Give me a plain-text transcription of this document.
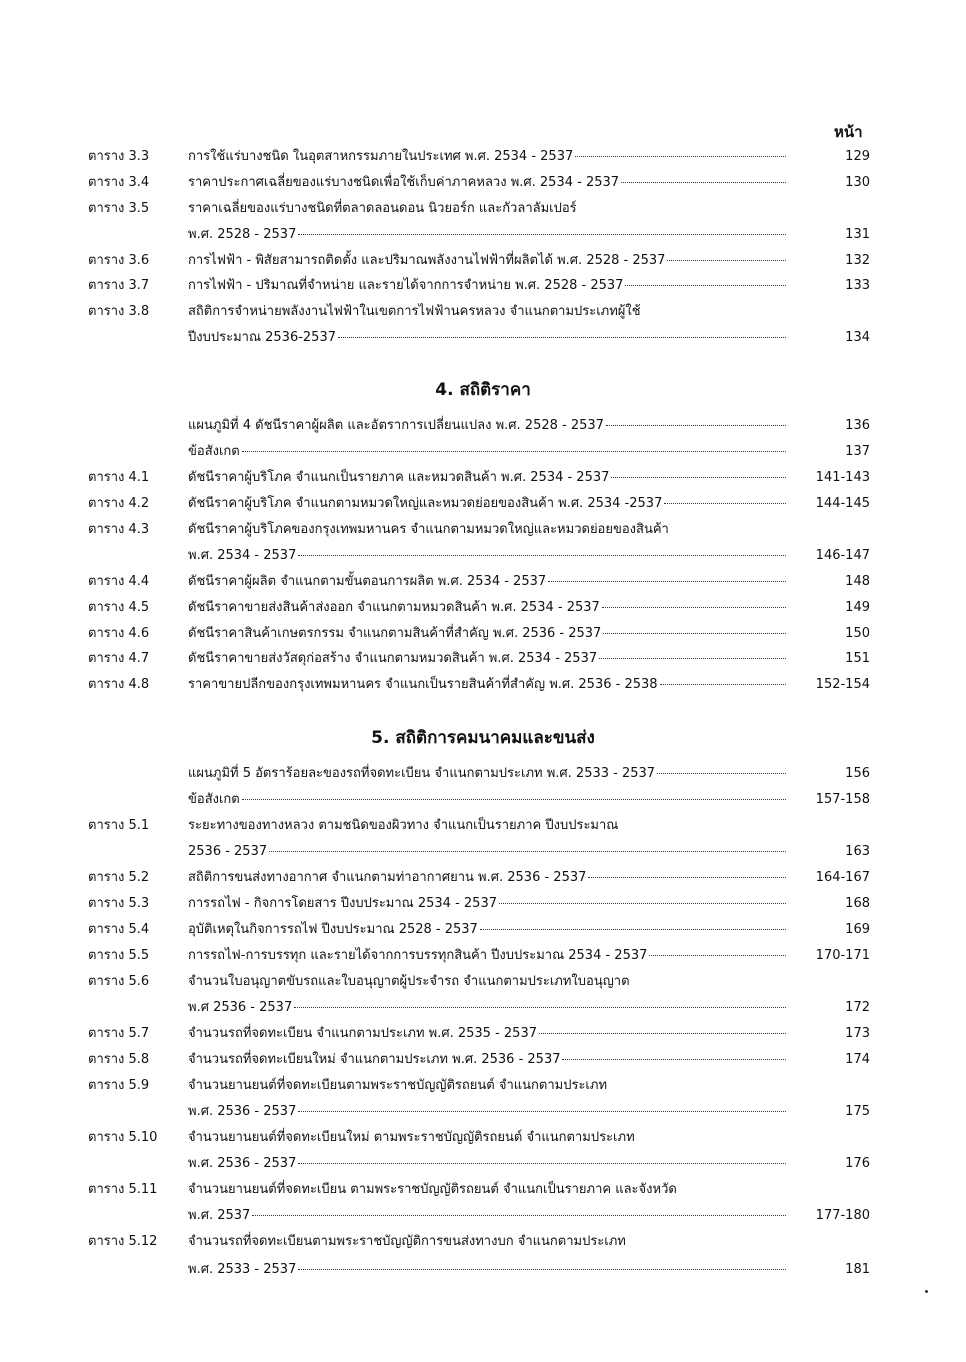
หน้า
ตาราง 3.3	การใช้แร่บางชนิด ในอุตสาหกรรมภายในประเทศ พ.ศ. 2534 - 2537	129
ตาราง 3.4	ราคาประกาศเฉลี่ยของแร่บางชนิดเพื่อใช้เก็บค่าภาคหลวง พ.ศ. 2534 - 2537	130
ตาราง 3.5	ราคาเฉลี่ยของแร่บางชนิดที่ตลาดลอนดอน นิวยอร์ก และกัวลาลัมเปอร์
พ.ศ. 2528 - 2537	131
ตาราง 3.6	การไฟฟ้า - พิสัยสามารถติดตั้ง และปริมาณพลังงานไฟฟ้าที่ผลิตได้ พ.ศ. 2528 - 2537	132
ตาราง 3.7	การไฟฟ้า - ปริมาณที่จำหน่าย และรายได้จากการจำหน่าย พ.ศ. 2528 - 2537	133
ตาราง 3.8	สถิติการจำหน่ายพลังงานไฟฟ้าในเขตการไฟฟ้านครหลวง จำแนกตามประเภทผู้ใช้
ปีงบประมาณ 2536-2537	134
4. สถิติราคา
แผนภูมิที่ 4 ดัชนีราคาผู้ผลิต และอัตราการเปลี่ยนแปลง พ.ศ. 2528 - 2537	136
ข้อสังเกต	137
ตาราง 4.1	ดัชนีราคาผู้บริโภค จำแนกเป็นรายภาค และหมวดสินค้า พ.ศ. 2534 - 2537	141-143
ตาราง 4.2	ดัชนีราคาผู้บริโภค จำแนกตามหมวดใหญ่และหมวดย่อยของสินค้า พ.ศ. 2534 -2537	144-145
ตาราง 4.3	ดัชนีราคาผู้บริโภคของกรุงเทพมหานคร จำแนกตามหมวดใหญ่และหมวดย่อยของสินค้า
พ.ศ. 2534 - 2537	146-147
ตาราง 4.4	ดัชนีราคาผู้ผลิต จำแนกตามขั้นตอนการผลิต พ.ศ. 2534 - 2537	148
ตาราง 4.5	ดัชนีราคาขายส่งสินค้าส่งออก จำแนกตามหมวดสินค้า พ.ศ. 2534 - 2537	149
ตาราง 4.6	ดัชนีราคาสินค้าเกษตรกรรม จำแนกตามสินค้าที่สำคัญ พ.ศ. 2536 - 2537	150
ตาราง 4.7	ดัชนีราคาขายส่งวัสดุก่อสร้าง จำแนกตามหมวดสินค้า พ.ศ. 2534 - 2537	151
ตาราง 4.8	ราคาขายปลีกของกรุงเทพมหานคร จำแนกเป็นรายสินค้าที่สำคัญ พ.ศ. 2536 - 2538	152-154
5. สถิติการคมนาคมและขนส่ง
แผนภูมิที่ 5 อัตราร้อยละของรถที่จดทะเบียน จำแนกตามประเภท พ.ศ. 2533 - 2537	156
ข้อสังเกต	157-158
ตาราง 5.1	ระยะทางของทางหลวง ตามชนิดของผิวทาง จำแนกเป็นรายภาค ปีงบประมาณ
2536 - 2537	163
ตาราง 5.2	สถิติการขนส่งทางอากาศ จำแนกตามท่าอากาศยาน พ.ศ. 2536 - 2537	164-167
ตาราง 5.3	การรถไฟ - กิจการโดยสาร ปีงบประมาณ 2534 - 2537	168
ตาราง 5.4	อุบัติเหตุในกิจการรถไฟ ปีงบประมาณ 2528 - 2537	169
ตาราง 5.5	การรถไฟ-การบรรทุก และรายได้จากการบรรทุกสินค้า ปีงบประมาณ 2534 - 2537	170-171
ตาราง 5.6	จำนวนใบอนุญาตขับรถและใบอนุญาตผู้ประจำรถ จำแนกตามประเภทใบอนุญาต
พ.ศ 2536 - 2537	172
ตาราง 5.7	จำนวนรถที่จดทะเบียน จำแนกตามประเภท พ.ศ. 2535 - 2537	173
ตาราง 5.8	จำนวนรถที่จดทะเบียนใหม่ จำแนกตามประเภท พ.ศ. 2536 - 2537	174
ตาราง 5.9	จำนวนยานยนต์ที่จดทะเบียนตามพระราชบัญญัติรถยนต์ จำแนกตามประเภท
พ.ศ. 2536 - 2537	175
ตาราง 5.10 จำนวนยานยนต์ที่จดทะเบียนใหม่ ตามพระราชบัญญัติรถยนต์ จำแนกตามประเภท
พ.ศ. 2536 - 2537	176
ตาราง 5.11 จำนวนยานยนต์ที่จดทะเบียน ตามพระราชบัญญัติรถยนต์ จำแนกเป็นรายภาค และจังหวัด
พ.ศ. 2537	177-180
ตาราง 5.12 จำนวนรถที่จดทะเบียนตามพระราชบัญญัติการขนส่งทางบก จำแนกตามประเภท
พ.ศ. 2533 - 2537	181
